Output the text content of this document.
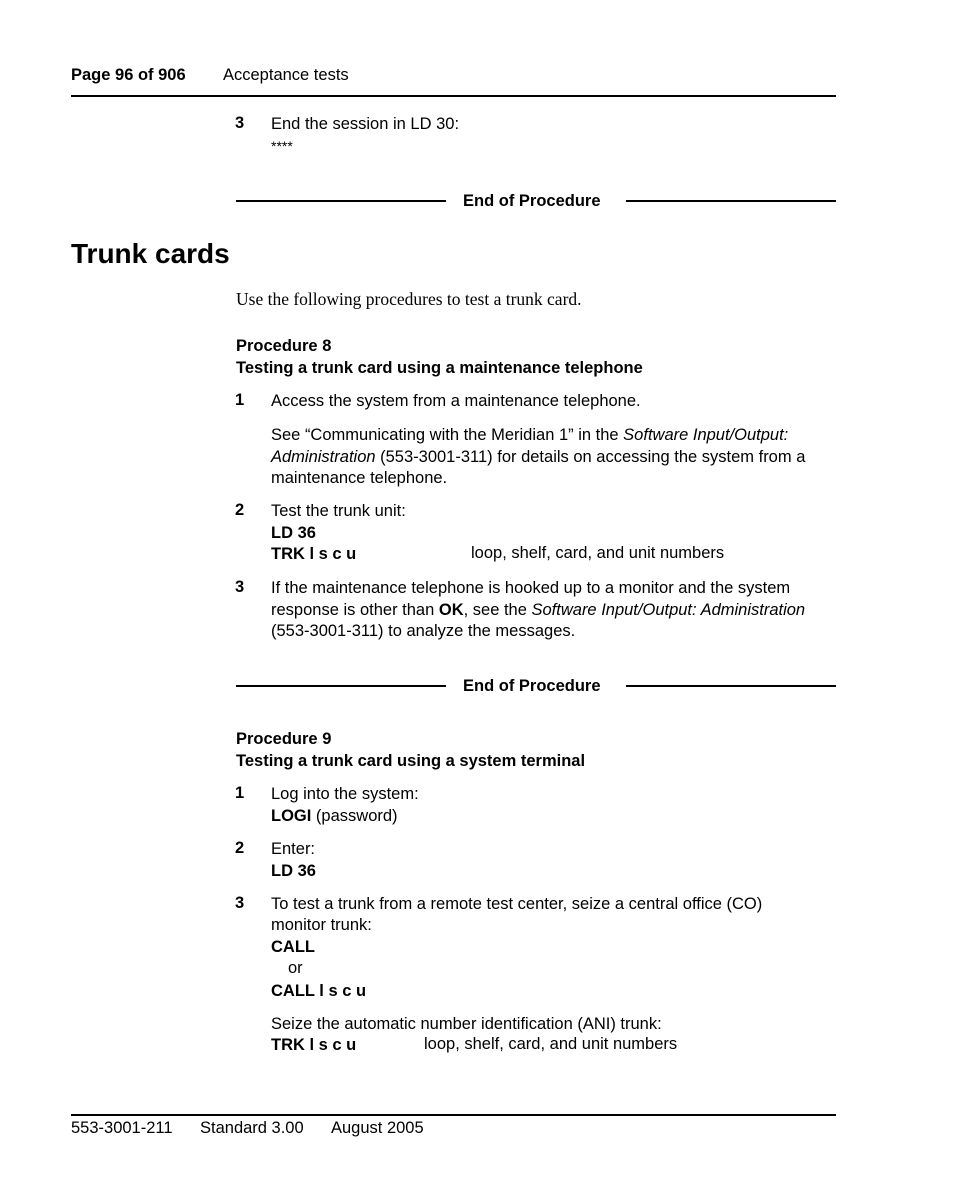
Page 96 of 906 Acceptance tests
3 End the session in LD 30:
****
End of Procedure
Trunk cards
Use the following procedures to test a trunk card.
Procedure 8
Testing a trunk card using a maintenance telephone
1 Access the system from a maintenance telephone.
See “Communicating with the Meridian 1” in the Software Input/Output:
Administration (553-3001-311) for details on accessing the system from a
maintenance telephone.
2 Test the trunk unit:
LD 36
TRK l s c u	loop, shelf, card, and unit numbers
3 If the maintenance telephone is hooked up to a monitor and the system
response is other than OK, see the Software Input/Output: Administration
(553-3001-311) to analyze the messages.
End of Procedure
Procedure 9
Testing a trunk card using a system terminal
1 Log into the system:
LOGI (password)
2 Enter:
LD 36
3 To test a trunk from a remote test center, seize a central office (CO)
monitor trunk:
CALL
or
CALL l s c u
Seize the automatic number identification (ANI) trunk:
TRK l s c u	loop, shelf, card, and unit numbers
553-3001-211 Standard 3.00 August 2005
